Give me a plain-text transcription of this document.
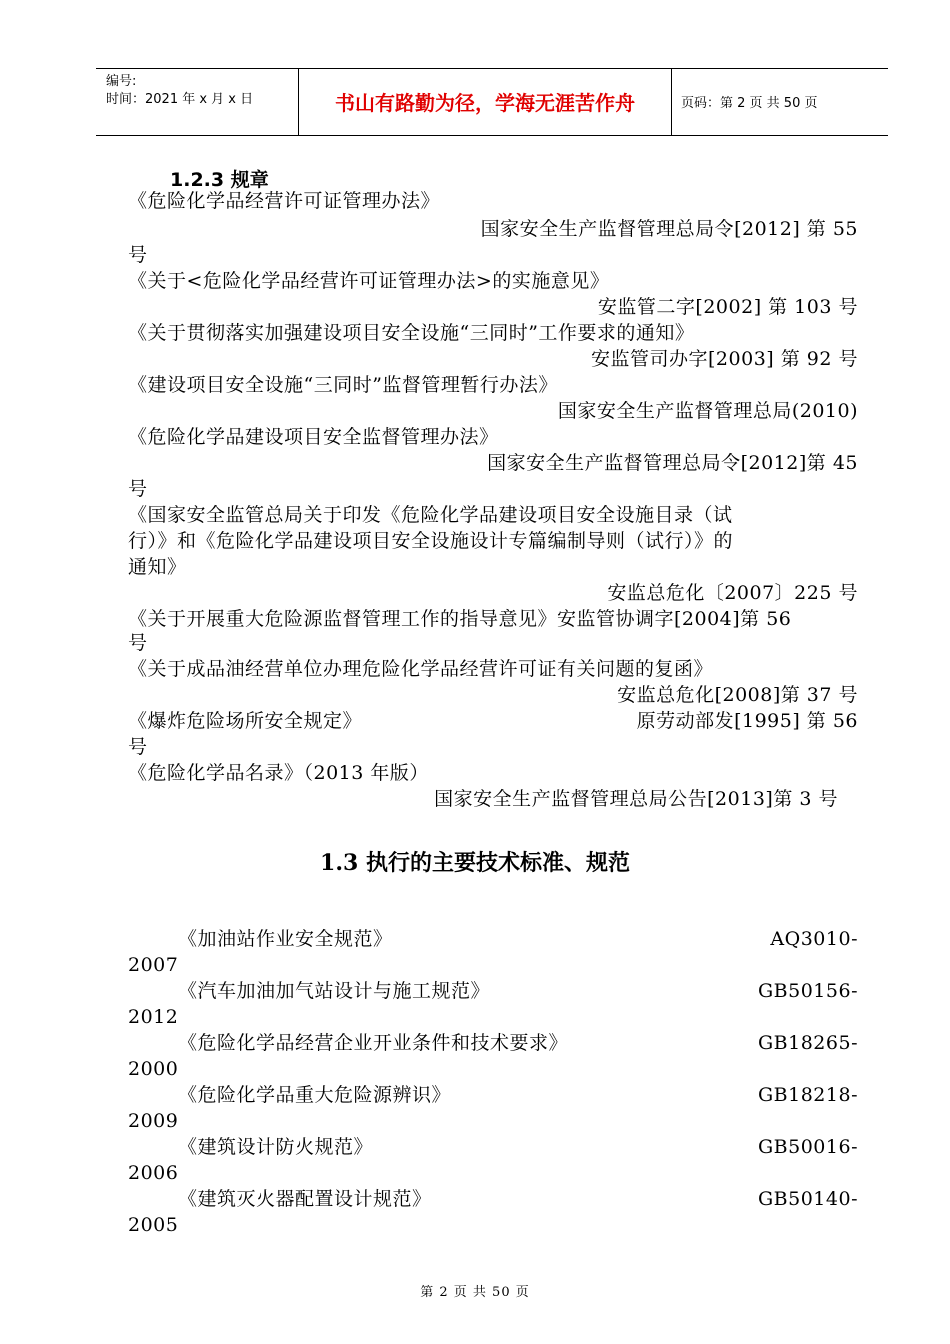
编号:
时间：2021 年 x 月 x 日	书山有路勤为径，学海无涯苦作舟	页码：第 2 页 共 50 页
1.2.3 规章
《危险化学品经营许可证管理办法》
国家安全生产监督管理总局令[2012] 第 55
号
《关于<危险化学品经营许可证管理办法>的实施意见》
安监管二字[2002] 第 103 号
《关于贯彻落实加强建设项目安全设施“三同时”工作要求的通知》
安监管司办字[2003] 第 92 号
《建设项目安全设施“三同时”监督管理暂行办法》
国家安全生产监督管理总局(2010)
《危险化学品建设项目安全监督管理办法》
国家安全生产监督管理总局令[2012]第 45
号
《国家安全监管总局关于印发《危险化学品建设项目安全设施目录（试
行）》和《危险化学品建设项目安全设施设计专篇编制导则（试行）》的
通知》
安监总危化〔2007〕225 号
《关于开展重大危险源监督管理工作的指导意见》安监管协调字[2004]第 56
号
《关于成品油经营单位办理危险化学品经营许可证有关问题的复函》
安监总危化[2008]第 37 号
《爆炸危险场所安全规定》	原劳动部发[1995] 第 56
号
《危险化学品名录》（2013 年版）
国家安全生产监督管理总局公告[2013]第 3 号
1.3 执行的主要技术标准、规范
《加油站作业安全规范》	AQ3010-
2007
《汽车加油加气站设计与施工规范》	GB50156-
2012
《危险化学品经营企业开业条件和技术要求》	GB18265-
2000
《危险化学品重大危险源辨识》	GB18218-
2009
《建筑设计防火规范》	GB50016-
2006
《建筑灭火器配置设计规范》	GB50140-
2005
第 2 页 共 50 页
